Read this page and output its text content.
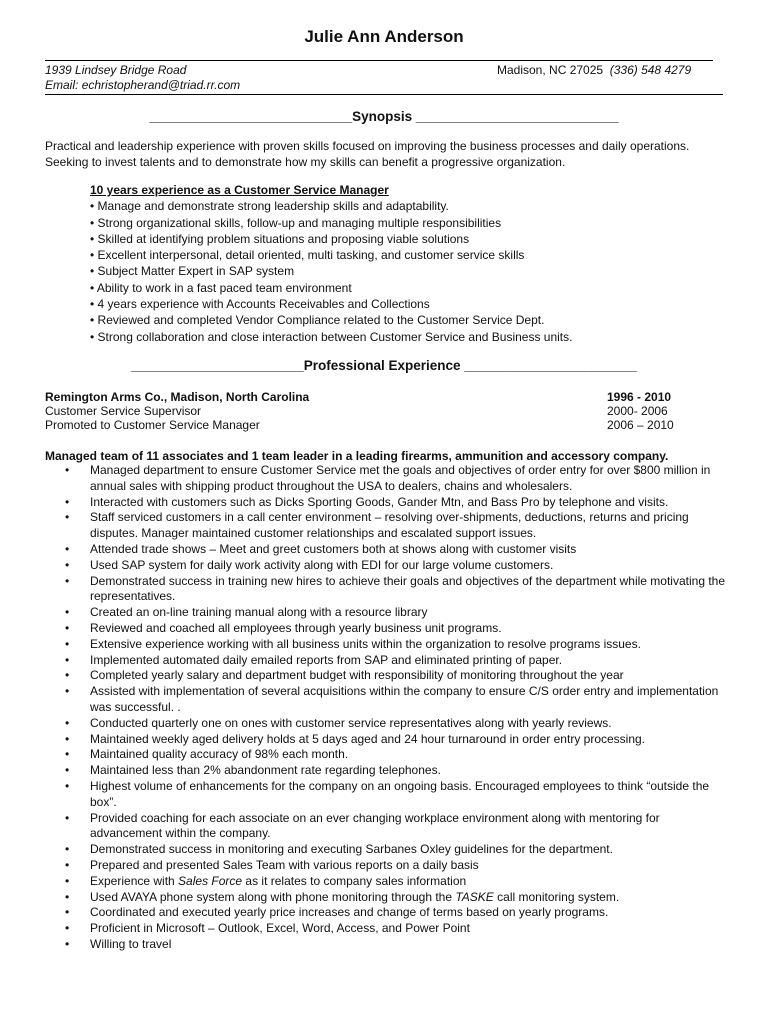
Julie Ann Anderson
1939 Lindsey Bridge Road	Madison, NC 27025 (336) 548 4279
Email: echristopherand@triad.rr.com
___________________________Synopsis ___________________________
Practical and leadership experience with proven skills focused on improving the business processes and daily operations. Seeking to invest talents and to demonstrate how my skills can benefit a progressive organization.
10 years experience as a Customer Service Manager
• Manage and demonstrate strong leadership skills and adaptability.
• Strong organizational skills, follow-up and managing multiple responsibilities
• Skilled at identifying problem situations and proposing viable solutions
• Excellent interpersonal, detail oriented, multi tasking, and customer service skills
• Subject Matter Expert in SAP system
• Ability to work in a fast paced team environment
• 4 years experience with Accounts Receivables and Collections
• Reviewed and completed Vendor Compliance related to the Customer Service Dept.
• Strong collaboration and close interaction between Customer Service and Business units.
_______________________Professional Experience _______________________
Remington Arms Co., Madison, North Carolina	1996 - 2010
Customer Service Supervisor	2000- 2006
Promoted to Customer Service Manager	2006 – 2010
Managed team of 11 associates and 1 team leader in a leading firearms, ammunition and accessory company.
• Managed department to ensure Customer Service met the goals and objectives of order entry for over $800 million in annual sales with shipping product throughout the USA to dealers, chains and wholesalers.
• Interacted with customers such as Dicks Sporting Goods, Gander Mtn, and Bass Pro by telephone and visits.
• Staff serviced customers in a call center environment – resolving over-shipments, deductions, returns and pricing disputes. Manager maintained customer relationships and escalated support issues.
• Attended trade shows – Meet and greet customers both at shows along with customer visits
• Used SAP system for daily work activity along with EDI for our large volume customers.
• Demonstrated success in training new hires to achieve their goals and objectives of the department while motivating the representatives.
• Created an on-line training manual along with a resource library
• Reviewed and coached all employees through yearly business unit programs.
• Extensive experience working with all business units within the organization to resolve programs issues.
• Implemented automated daily emailed reports from SAP and eliminated printing of paper.
• Completed yearly salary and department budget with responsibility of monitoring throughout the year
• Assisted with implementation of several acquisitions within the company to ensure C/S order entry and implementation was successful. .
• Conducted quarterly one on ones with customer service representatives along with yearly reviews.
• Maintained weekly aged delivery holds at 5 days aged and 24 hour turnaround in order entry processing.
• Maintained quality accuracy of 98% each month.
• Maintained less than 2% abandonment rate regarding telephones.
• Highest volume of enhancements for the company on an ongoing basis. Encouraged employees to think “outside the box”.
• Provided coaching for each associate on an ever changing workplace environment along with mentoring for advancement within the company.
• Demonstrated success in monitoring and executing Sarbanes Oxley guidelines for the department.
• Prepared and presented Sales Team with various reports on a daily basis
• Experience with Sales Force as it relates to company sales information
• Used AVAYA phone system along with phone monitoring through the TASKE call monitoring system.
• Coordinated and executed yearly price increases and change of terms based on yearly programs.
• Proficient in Microsoft – Outlook, Excel, Word, Access, and Power Point
• Willing to travel
